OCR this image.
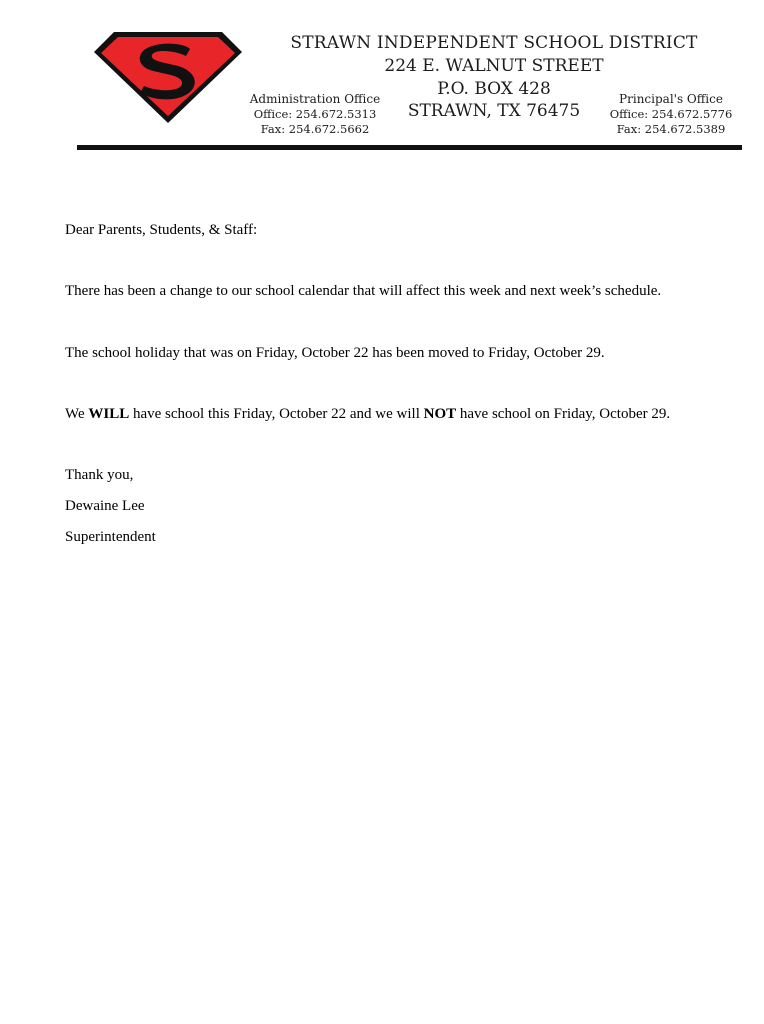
STRAWN INDEPENDENT SCHOOL DISTRICT
224 E. WALNUT STREET
P.O. BOX 428
STRAWN, TX 76475
Administration Office
Office: 254.672.5313
Fax: 254.672.5662
Principal's Office
Office: 254.672.5776
Fax: 254.672.5389

Dear Parents, Students, & Staff:

There has been a change to our school calendar that will affect this week and next week’s schedule.

The school holiday that was on Friday, October 22 has been moved to Friday, October 29.

We WILL have school this Friday, October 22 and we will NOT have school on Friday, October 29.

Thank you,

Dewaine Lee

Superintendent
